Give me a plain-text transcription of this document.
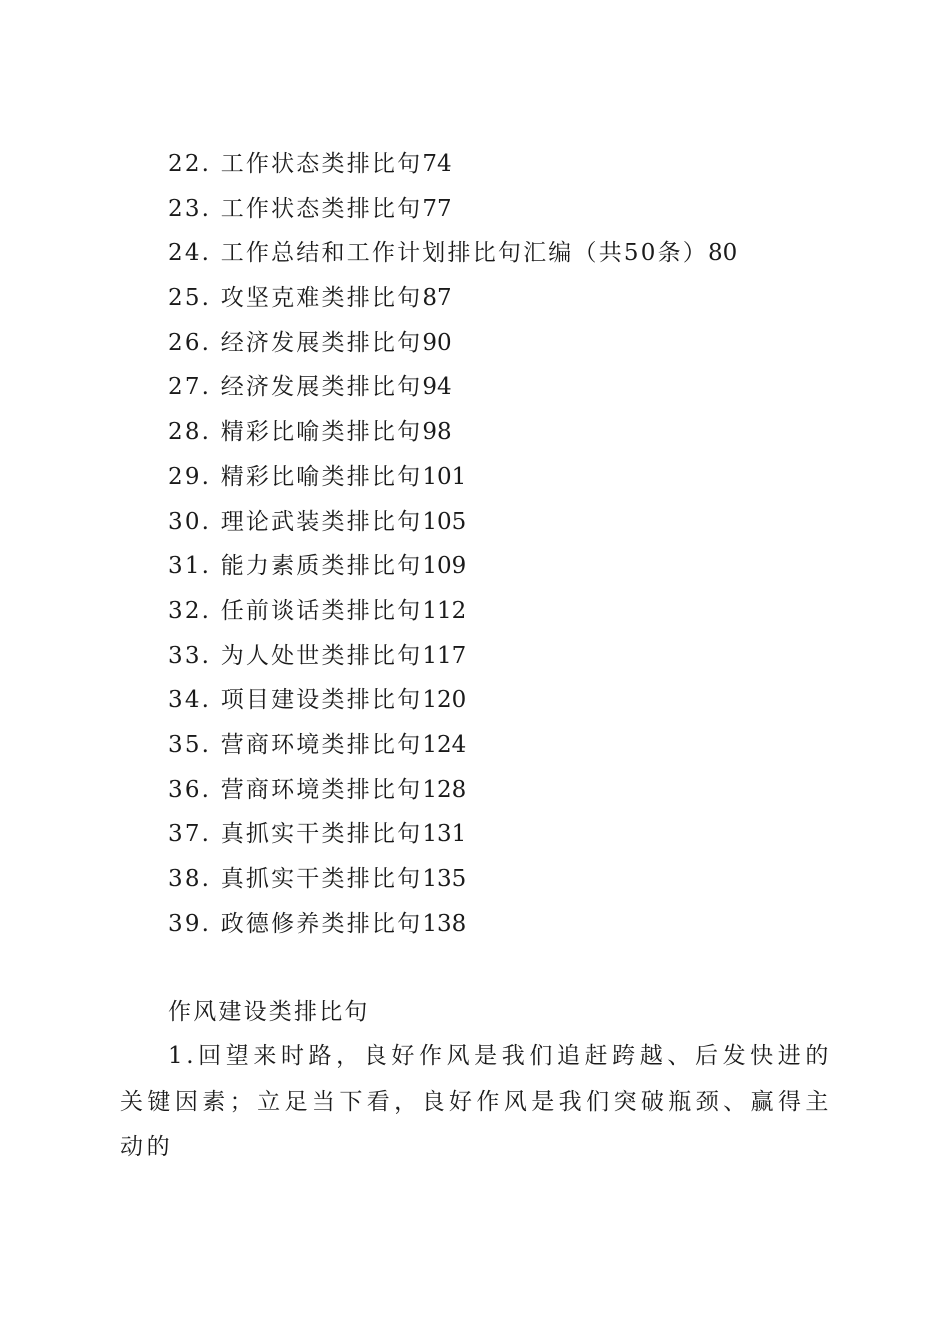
22. 工作状态类排比句74
23. 工作状态类排比句77
24. 工作总结和工作计划排比句汇编（共50条）80
25. 攻坚克难类排比句87
26. 经济发展类排比句90
27. 经济发展类排比句94
28. 精彩比喻类排比句98
29. 精彩比喻类排比句101
30. 理论武装类排比句105
31. 能力素质类排比句109
32. 任前谈话类排比句112
33. 为人处世类排比句117
34. 项目建设类排比句120
35. 营商环境类排比句124
36. 营商环境类排比句128
37. 真抓实干类排比句131
38. 真抓实干类排比句135
39. 政德修养类排比句138
作风建设类排比句

1.回望来时路，良好作风是我们追赶跨越、后发快进的关键因素；立足当下看，良好作风是我们突破瓶颈、赢得主动的
